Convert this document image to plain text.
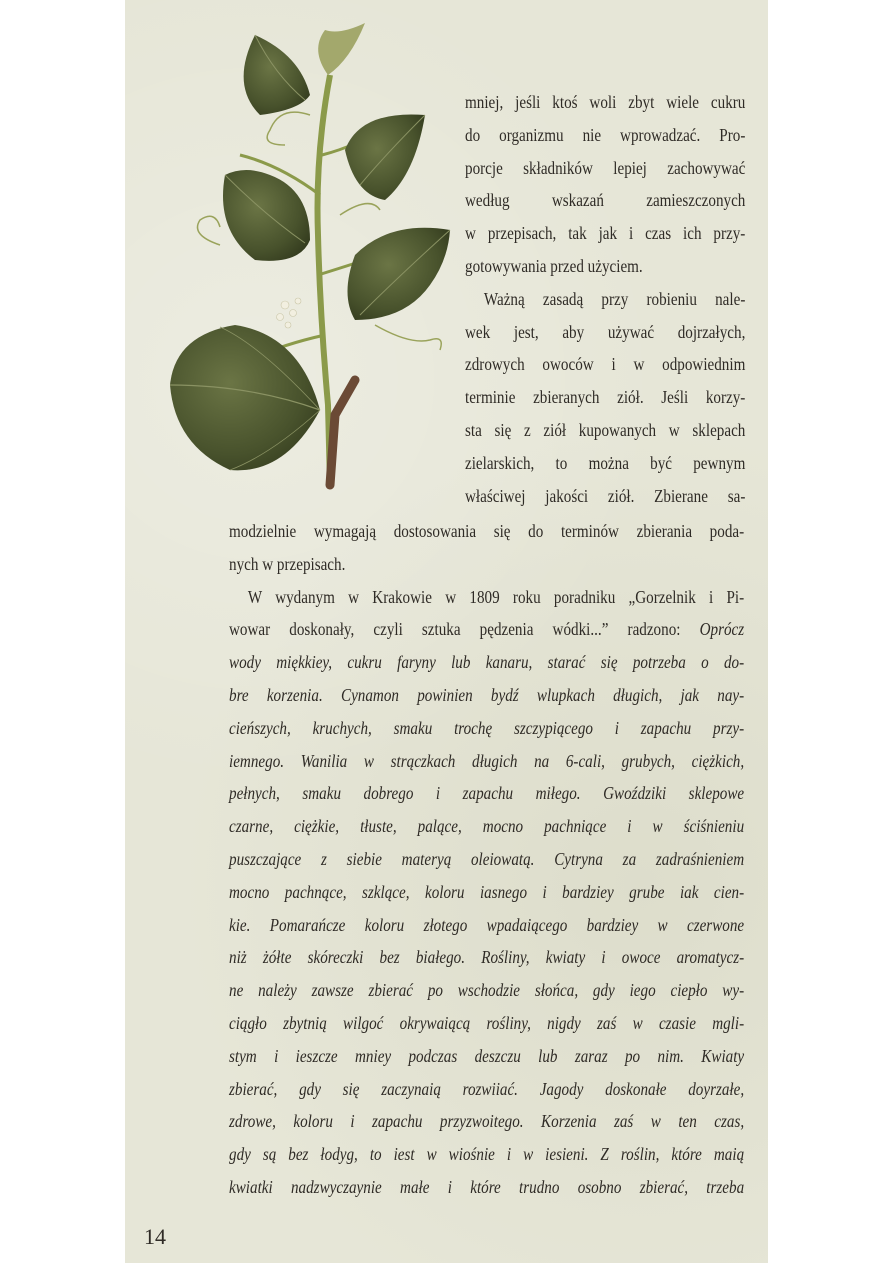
mniej, jeśli ktoś woli zbyt wiele cukru
do organizmu nie wprowadzać. Pro-
porcje składników lepiej zachowywać
według wskazań zamieszczonych
w przepisach, tak jak i czas ich przy-
gotowywania przed użyciem.
Ważną zasadą przy robieniu nale-
wek jest, aby używać dojrzałych,
zdrowych owoców i w odpowiednim
terminie zbieranych ziół. Jeśli korzy-
sta się z ziół kupowanych w sklepach
zielarskich, to można być pewnym
właściwej jakości ziół. Zbierane sa-
modzielnie wymagają dostosowania się do terminów zbierania poda-
nych w przepisach.
W wydanym w Krakowie w 1809 roku poradniku „Gorzelnik i Pi-
wowar doskonały, czyli sztuka pędzenia wódki...” radzono: Oprócz
wody miękkiey, cukru faryny lub kanaru, starać się potrzeba o do-
bre korzenia. Cynamon powinien bydź wlupkach długich, jak nay-
cieńszych, kruchych, smaku trochę szczypiącego i zapachu przy-
iemnego. Wanilia w strączkach długich na 6-cali, grubych, ciężkich,
pełnych, smaku dobrego i zapachu miłego. Gwoździki sklepowe
czarne, ciężkie, tłuste, palące, mocno pachniące i w ściśnieniu
puszczające z siebie materyą oleiowatą. Cytryna za zadraśnieniem
mocno pachnące, szklące, koloru iasnego i bardziey grube iak cien-
kie. Pomarańcze koloru złotego wpadaiącego bardziey w czerwone
niż żółte skóreczki bez białego. Rośliny, kwiaty i owoce aromatycz-
ne należy zawsze zbierać po wschodzie słońca, gdy iego ciepło wy-
ciągło zbytnią wilgoć okrywaiącą rośliny, nigdy zaś w czasie mgli-
stym i ieszcze mniey podczas deszczu lub zaraz po nim. Kwiaty
zbierać, gdy się zaczynaią rozwiiać. Jagody doskonałe doyrzałe,
zdrowe, koloru i zapachu przyzwoitego. Korzenia zaś w ten czas,
gdy są bez łodyg, to iest w wiośnie i w iesieni. Z roślin, które maią
kwiatki nadzwyczaynie małe i które trudno osobno zbierać, trzeba
14
